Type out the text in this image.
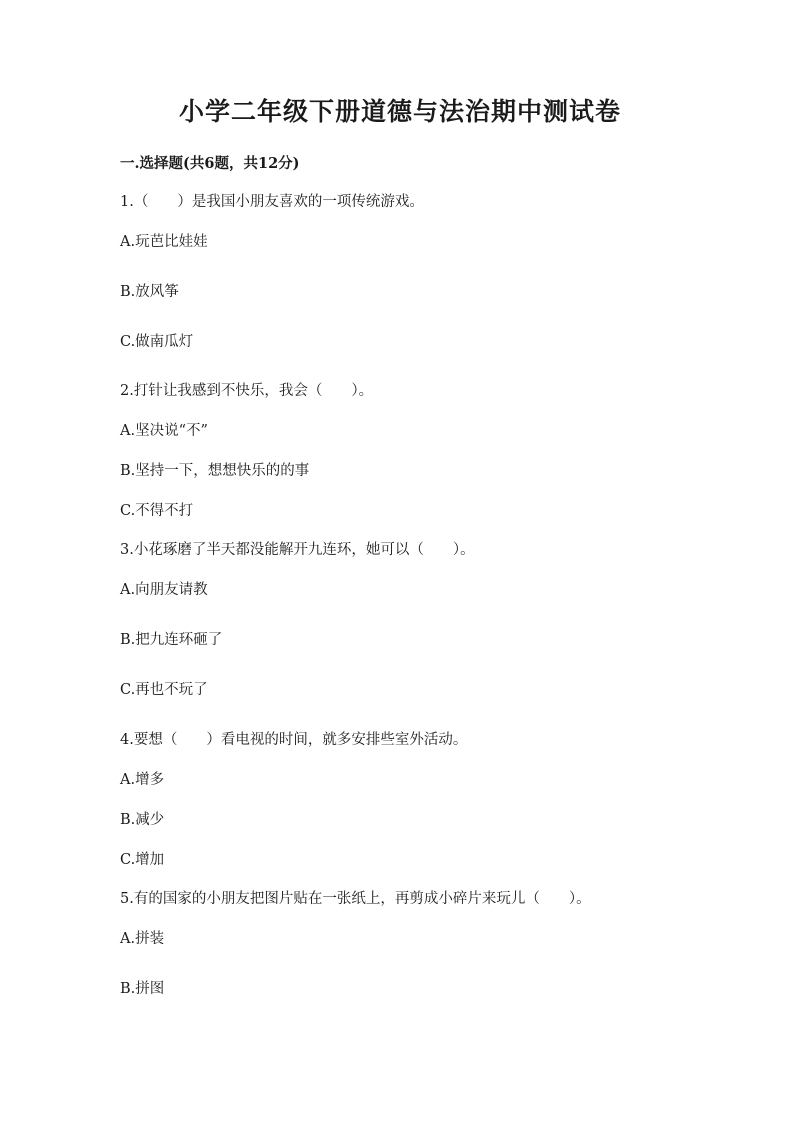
小学二年级下册道德与法治期中测试卷
一.选择题(共6题，共12分)
1.（　　）是我国小朋友喜欢的一项传统游戏。
A.玩芭比娃娃
B.放风筝
C.做南瓜灯
2.打针让我感到不快乐，我会（　　）。
A.坚决说“不”
B.坚持一下，想想快乐的的事
C.不得不打
3.小花琢磨了半天都没能解开九连环，她可以（　　）。
A.向朋友请教
B.把九连环砸了
C.再也不玩了
4.要想（　　）看电视的时间，就多安排些室外活动。
A.增多
B.减少
C.增加
5.有的国家的小朋友把图片贴在一张纸上，再剪成小碎片来玩儿（　　）。
A.拼装
B.拼图
